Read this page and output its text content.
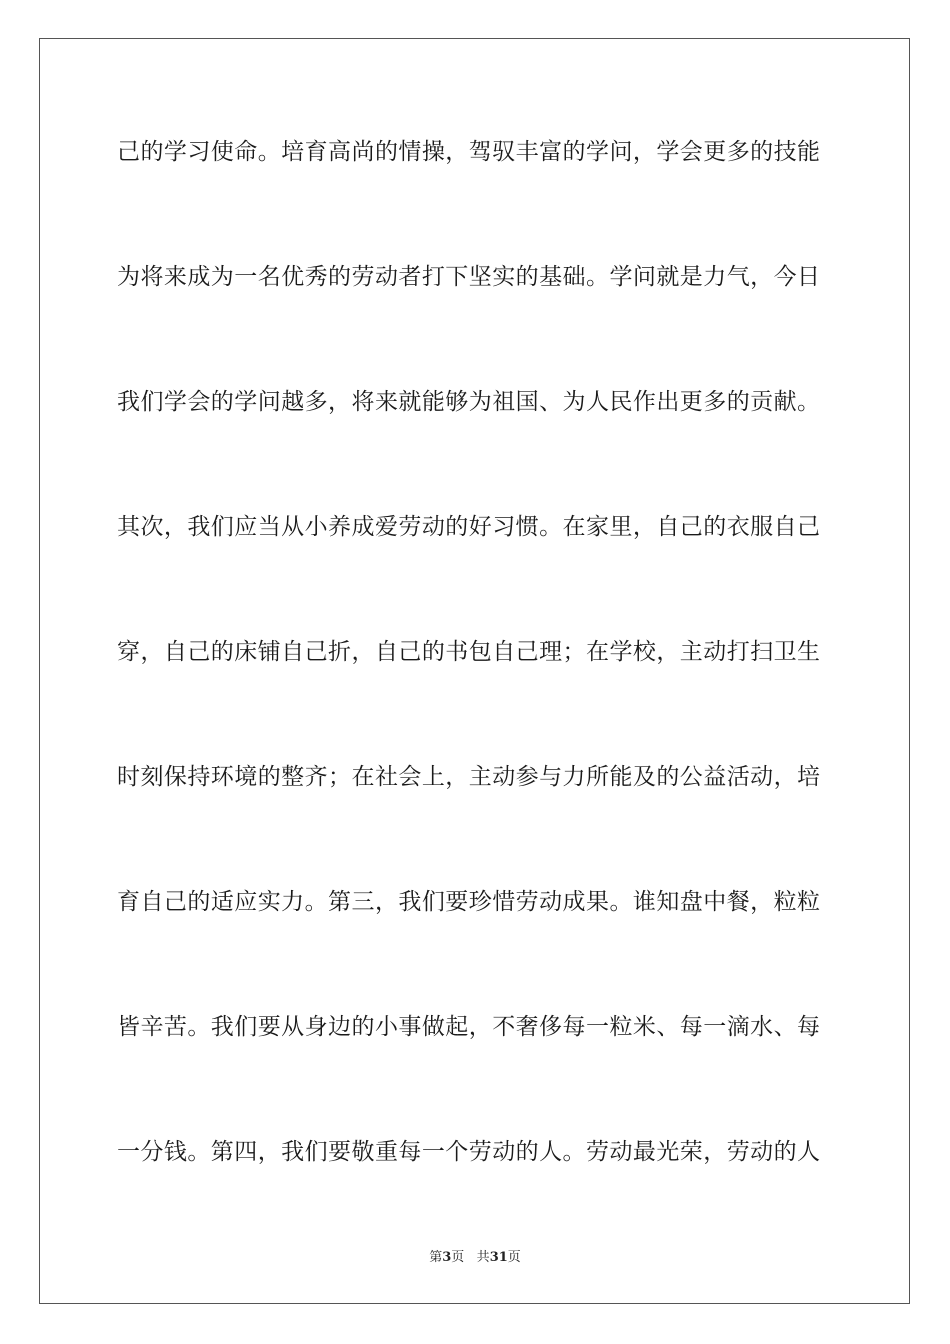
己的学习使命。培育高尚的情操，驾驭丰富的学问，学会更多的技能
为将来成为一名优秀的劳动者打下坚实的基础。学问就是力气，今日
我们学会的学问越多，将来就能够为祖国、为人民作出更多的贡献。
其次，我们应当从小养成爱劳动的好习惯。在家里，自己的衣服自己
穿，自己的床铺自己折，自己的书包自己理；在学校，主动打扫卫生
时刻保持环境的整齐；在社会上，主动参与力所能及的公益活动，培
育自己的适应实力。第三，我们要珍惜劳动成果。谁知盘中餐，粒粒
皆辛苦。我们要从身边的小事做起，不奢侈每一粒米、每一滴水、每
一分钱。第四，我们要敬重每一个劳动的人。劳动最光荣，劳动的人
第3页 共31页
